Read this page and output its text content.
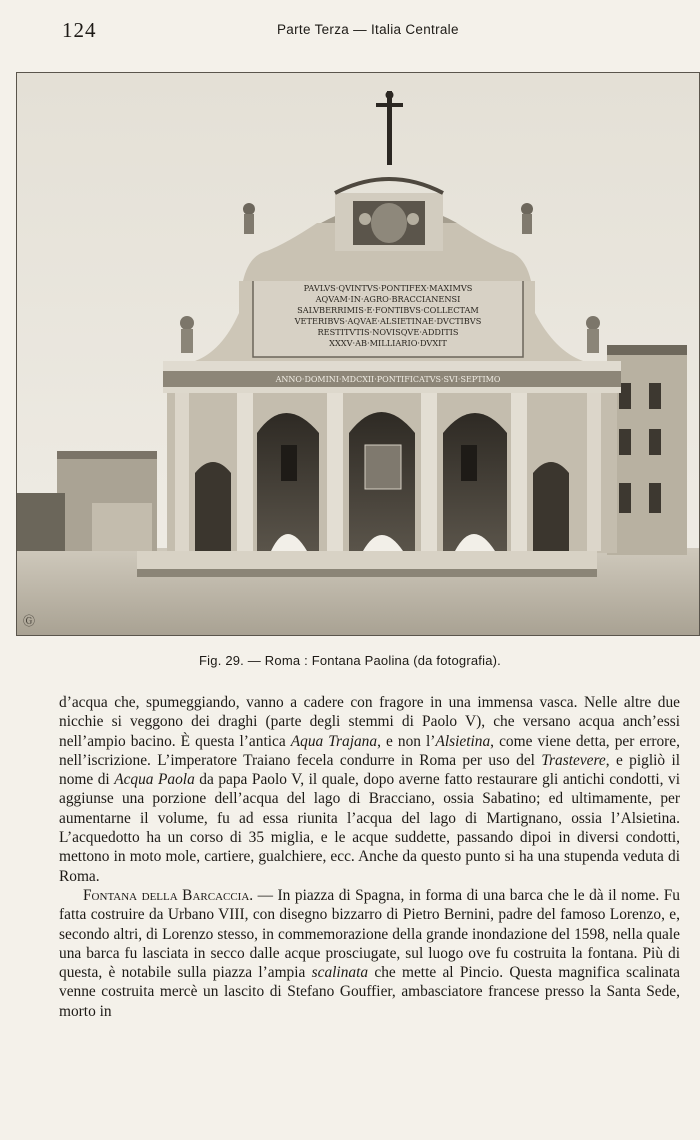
124	Parte Terza — Italia Centrale
PAVLVS·QVINTVS·PONTIFEX·MAXIMVS
AQVAM·IN·AGRO·BRACCIANENSI
SALVBERRIMIS·E·FONTIBVS·COLLECTAM
VETERIBVS·AQVAE·ALSIETINAE·DVCTIBVS
RESTITVTIS·NOVISQVE·ADDITIS
XXXV·AB·MILLIARIO·DVXIT
ANNO·DOMINI·MDCXII·PONTIFICATVS·SVI·SEPTIMO
Ⓖ
Fig. 29. — Roma : Fontana Paolina (da fotografia).

d’acqua che, spumeggiando, vanno a cadere con fragore in una immensa vasca. Nelle altre due nicchie si veggono dei draghi (parte degli stemmi di Paolo V), che versano acqua anch’essi nell’ampio bacino. È questa l’antica Aqua Trajana, e non l’Alsietina, come viene detta, per errore, nell’iscrizione. L’imperatore Traiano fecela condurre in Roma per uso del Trastevere, e pigliò il nome di Acqua Paola da papa Paolo V, il quale, dopo averne fatto restaurare gli antichi condotti, vi aggiunse una porzione dell’acqua del lago di Bracciano, ossia Sabatino; ed ultimamente, per aumentarne il volume, fu ad essa riunita l’acqua del lago di Martignano, ossia l’Alsietina. L’acquedotto ha un corso di 35 miglia, e le acque suddette, passando dipoi in diversi condotti, mettono in moto mole, cartiere, gualchiere, ecc. Anche da questo punto si ha una stupenda veduta di Roma.

Fontana della Barcaccia. — In piazza di Spagna, in forma di una barca che le dà il nome. Fu fatta costruire da Urbano VIII, con disegno bizzarro di Pietro Bernini, padre del famoso Lorenzo, e, secondo altri, di Lorenzo stesso, in commemorazione della grande inondazione del 1598, nella quale una barca fu lasciata in secco dalle acque prosciugate, sul luogo ove fu costruita la fontana. Più di questa, è notabile sulla piazza l’ampia scalinata che mette al Pincio. Questa magnifica scalinata venne costruita mercè un lascito di Stefano Gouffier, ambasciatore francese presso la Santa Sede, morto in
